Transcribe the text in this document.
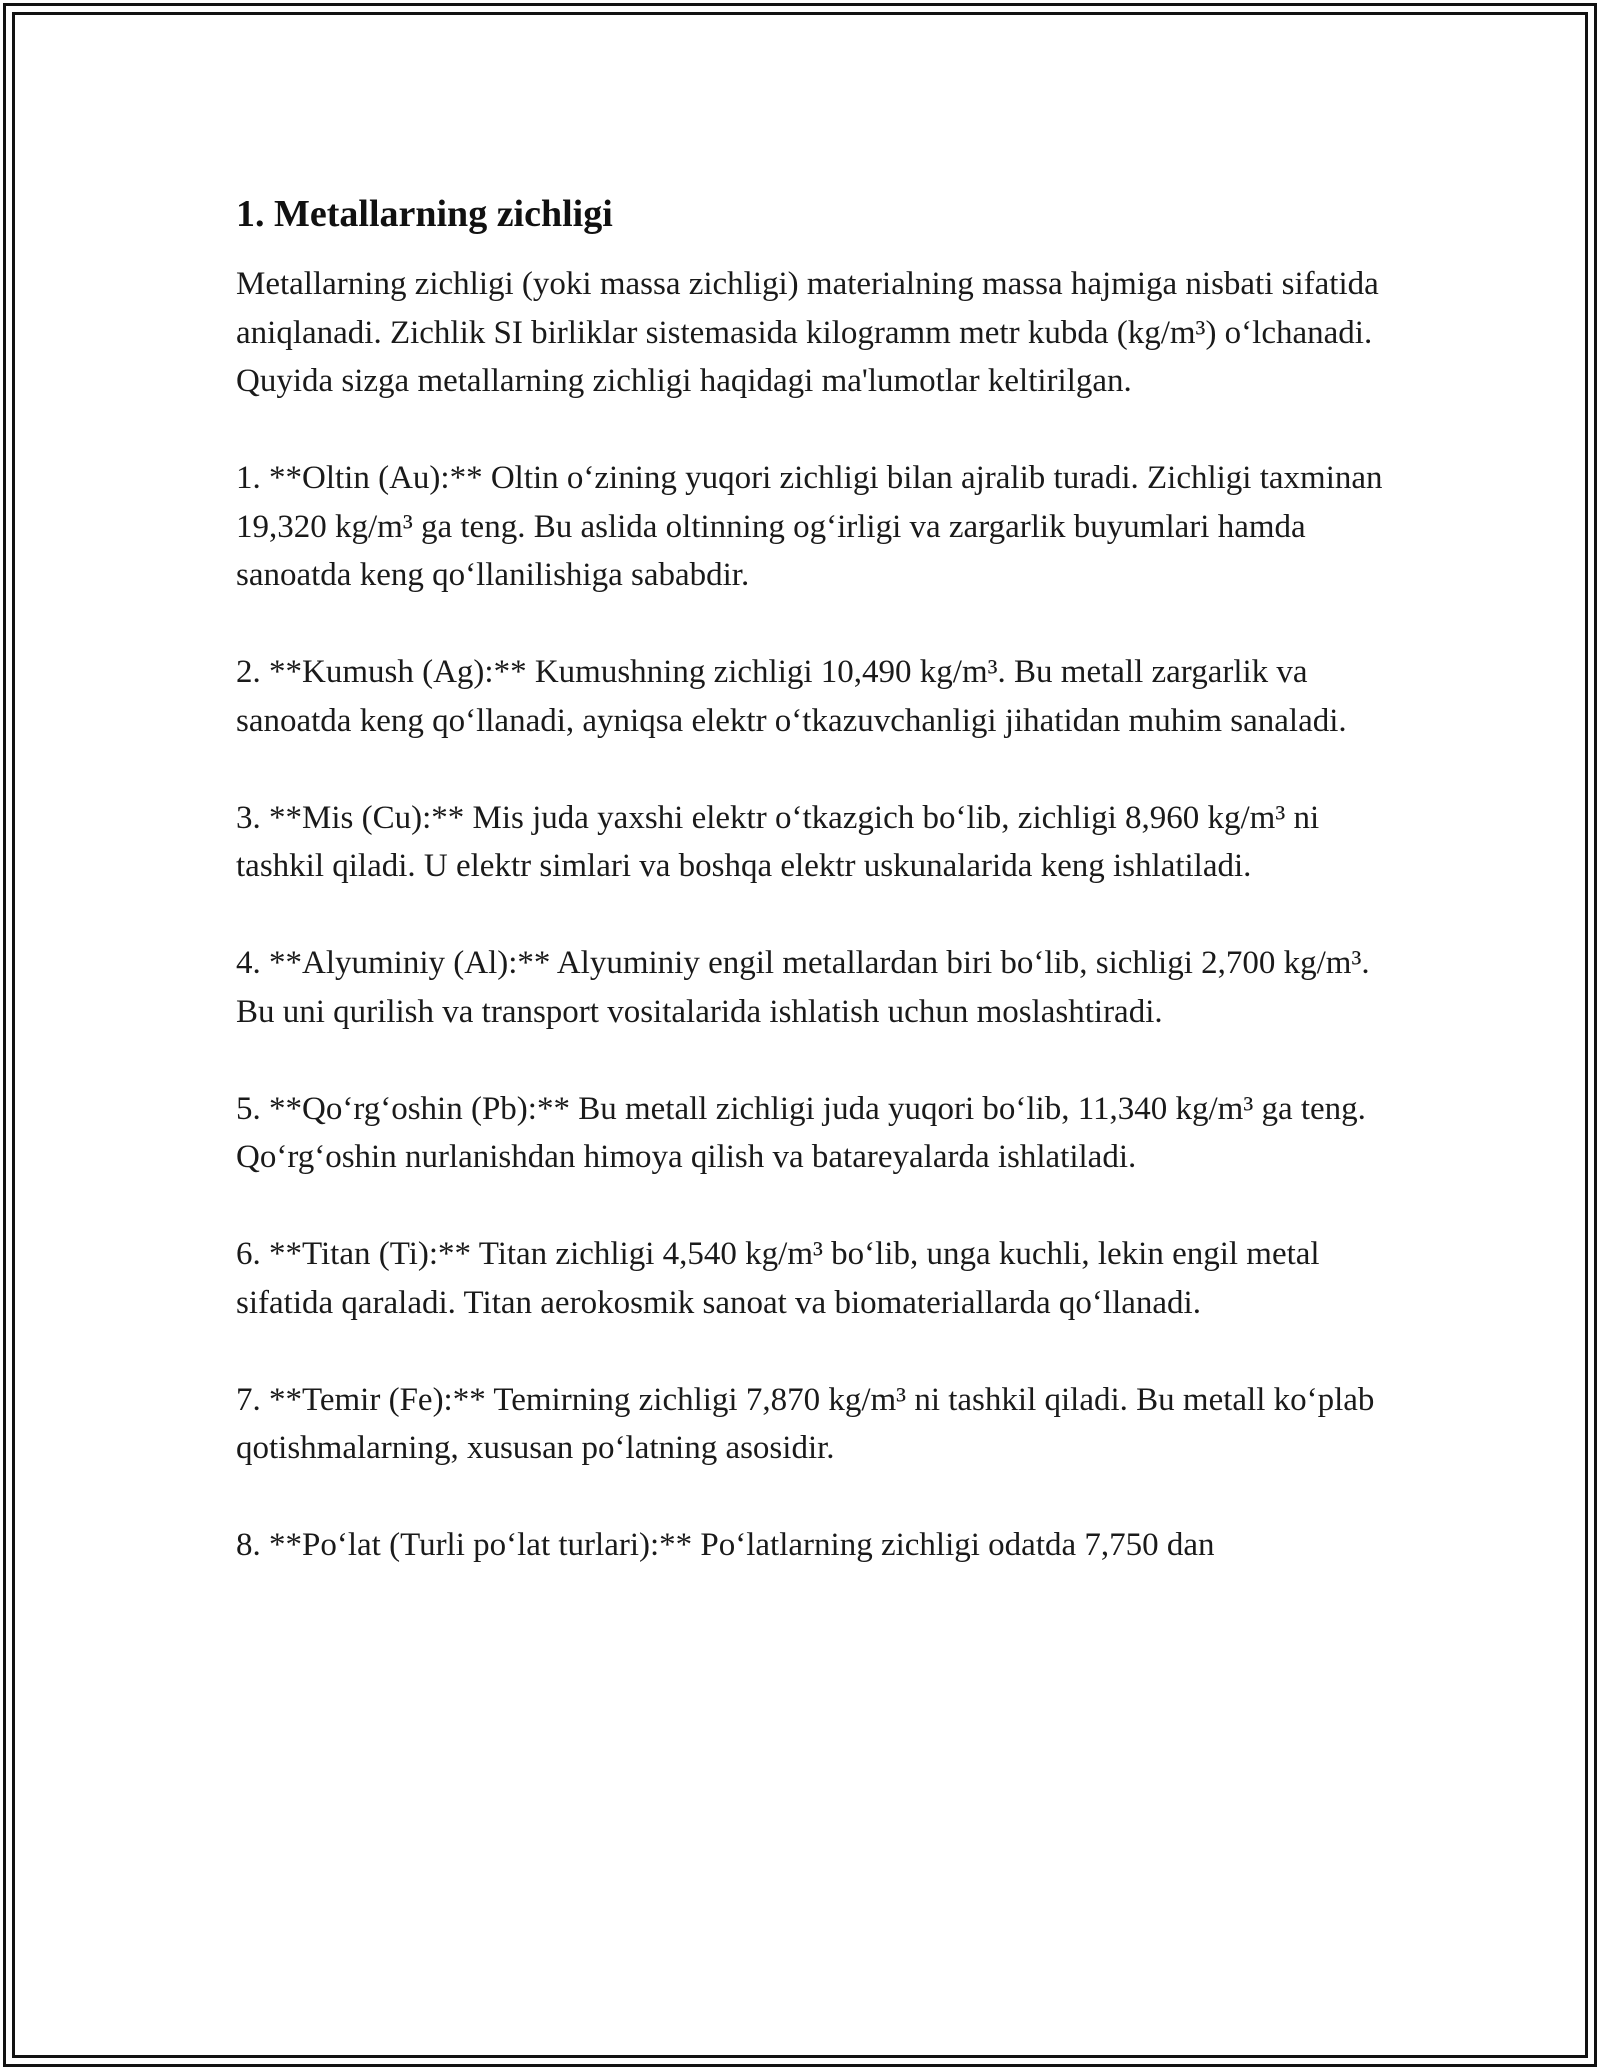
1. Metallarning zichligi

Metallarning zichligi (yoki massa zichligi) materialning massa hajmiga nisbati sifatida aniqlanadi. Zichlik SI birliklar sistemasida kilogramm metr kubda (kg/m³) o‘lchanadi. Quyida sizga metallarning zichligi haqidagi ma'lumotlar keltirilgan.

1. **Oltin (Au):** Oltin o‘zining yuqori zichligi bilan ajralib turadi. Zichligi taxminan 19,320 kg/m³ ga teng. Bu aslida oltinning og‘irligi va zargarlik buyumlari hamda sanoatda keng qo‘llanilishiga sababdir.

2. **Kumush (Ag):** Kumushning zichligi 10,490 kg/m³. Bu metall zargarlik va sanoatda keng qo‘llanadi, ayniqsa elektr o‘tkazuvchanligi jihatidan muhim sanaladi.

3. **Mis (Cu):** Mis juda yaxshi elektr o‘tkazgich bo‘lib, zichligi 8,960 kg/m³ ni tashkil qiladi. U elektr simlari va boshqa elektr uskunalarida keng ishlatiladi.

4. **Alyuminiy (Al):** Alyuminiy engil metallardan biri bo‘lib, sichligi 2,700 kg/m³. Bu uni qurilish va transport vositalarida ishlatish uchun moslashtiradi.

5. **Qo‘rg‘oshin (Pb):** Bu metall zichligi juda yuqori bo‘lib, 11,340 kg/m³ ga teng. Qo‘rg‘oshin nurlanishdan himoya qilish va batareyalarda ishlatiladi.

6. **Titan (Ti):** Titan zichligi 4,540 kg/m³ bo‘lib, unga kuchli, lekin engil metal sifatida qaraladi. Titan aerokosmik sanoat va biomateriallarda qo‘llanadi.

7. **Temir (Fe):** Temirning zichligi 7,870 kg/m³ ni tashkil qiladi. Bu metall ko‘plab qotishmalarning, xususan po‘latning asosidir.

8. **Po‘lat (Turli po‘lat turlari):** Po‘latlarning zichligi odatda 7,750 dan
